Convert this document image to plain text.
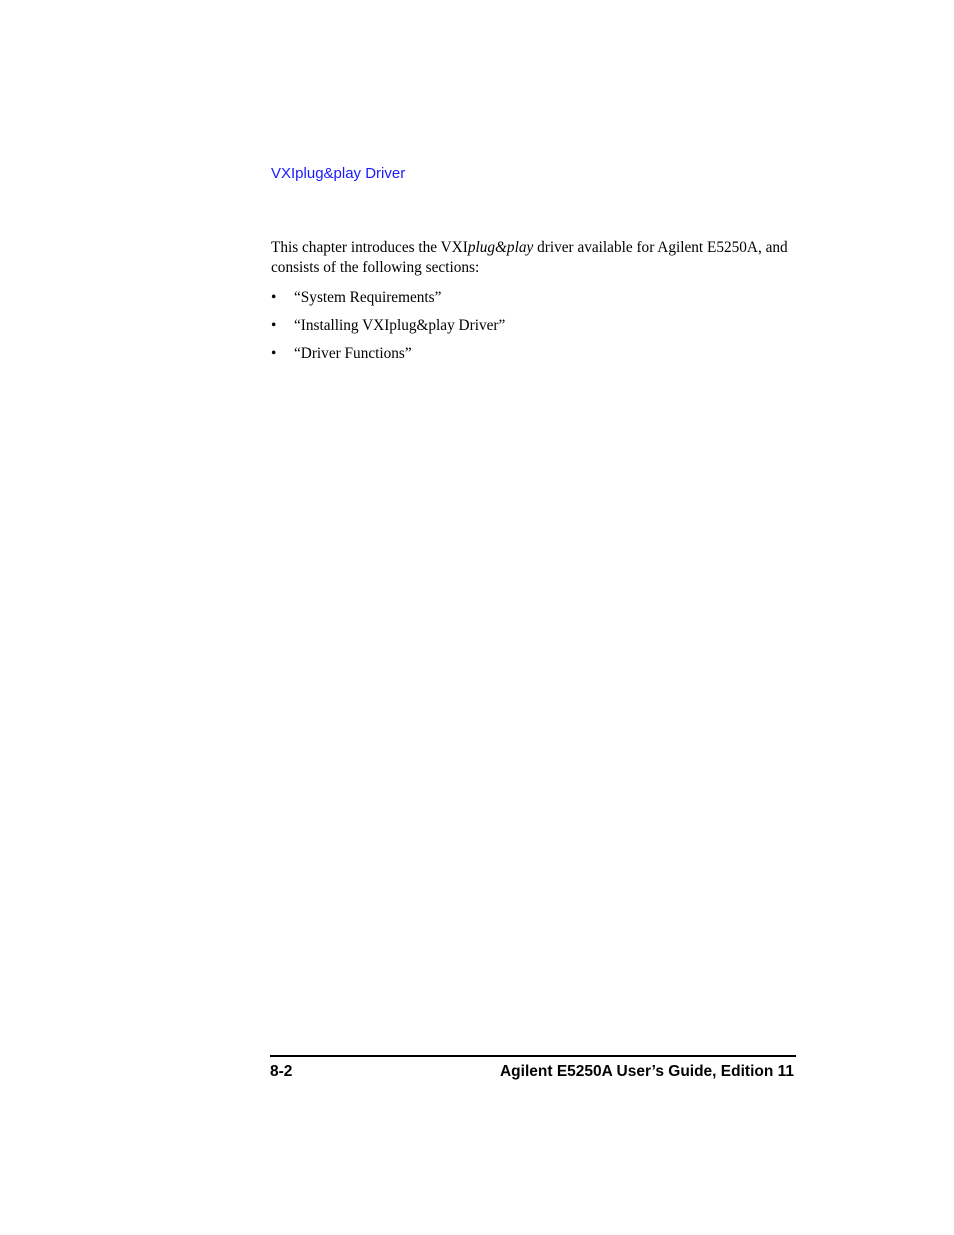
VXIplug&play Driver

This chapter introduces the VXIplug&play driver available for Agilent E5250A, and consists of the following sections:

• “System Requirements”
• “Installing VXIplug&play Driver”
• “Driver Functions”
8-2	Agilent E5250A User’s Guide, Edition 11
